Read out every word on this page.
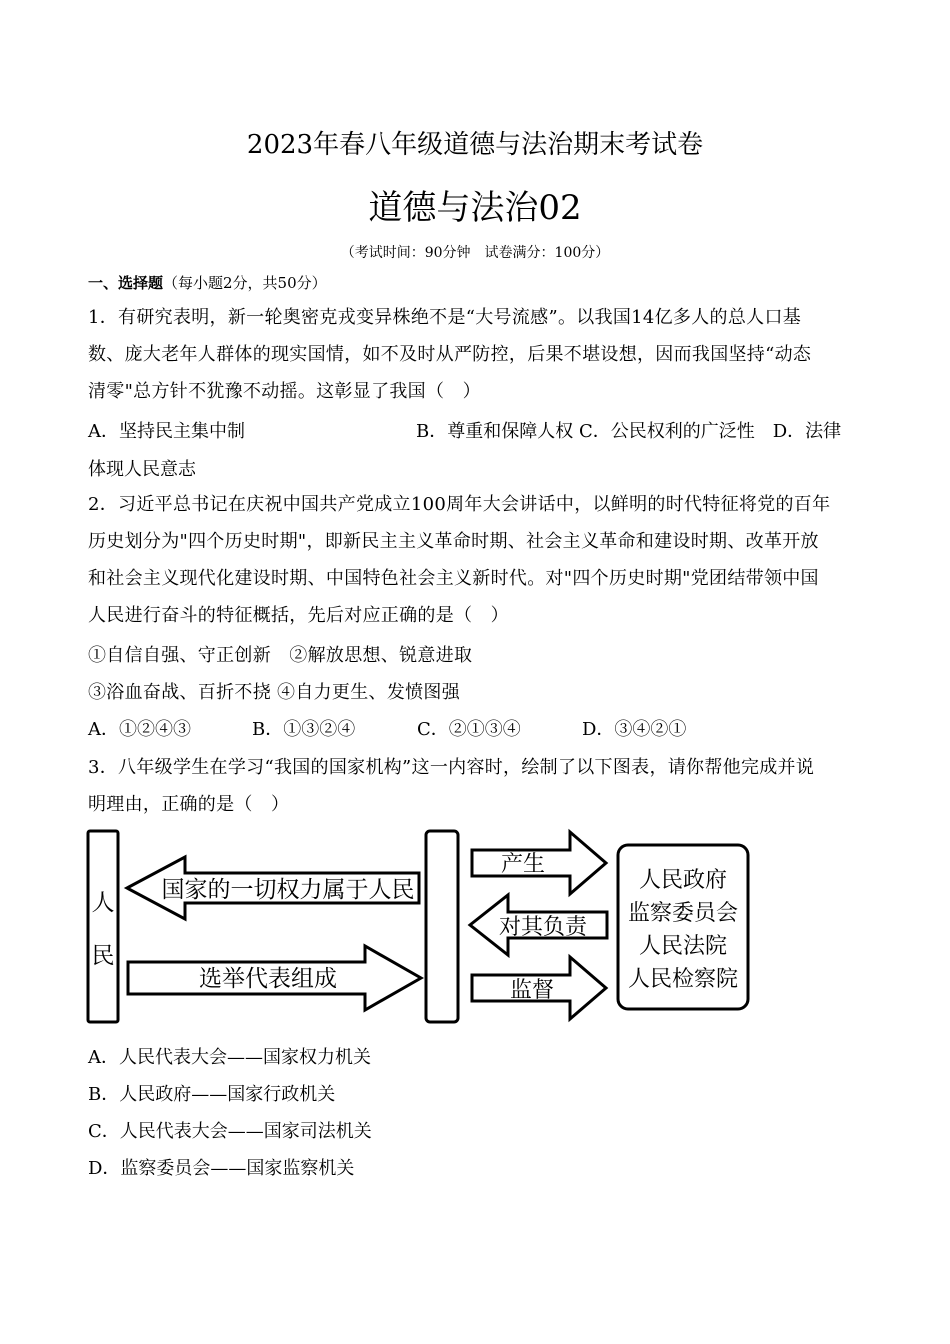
2023年春八年级道德与法治期末考试卷
道德与法治02
（考试时间：90分钟　试卷满分：100分）
一、选择题（每小题2分，共50分）
1．有研究表明，新一轮奥密克戎变异株绝不是“大号流感”。以我国14亿多人的总人口基
数、庞大老年人群体的现实国情，如不及时从严防控，后果不堪设想，因而我国坚持“动态
清零"总方针不犹豫不动摇。这彰显了我国（　）
A．坚持民主集中制	B．尊重和保障人权 C．公民权利的广泛性　D．法律
体现人民意志
2．习近平总书记在庆祝中国共产党成立100周年大会讲话中，以鲜明的时代特征将党的百年
历史划分为"四个历史时期"，即新民主主义革命时期、社会主义革命和建设时期、改革开放
和社会主义现代化建设时期、中国特色社会主义新时代。对"四个历史时期"党团结带领中国
人民进行奋斗的特征概括，先后对应正确的是（　）
①自信自强、守正创新　②解放思想、锐意进取
③浴血奋战、百折不挠 ④自力更生、发愤图强
A．①②④③	B．①③②④	C．②①③④	D．③④②①
3．八年级学生在学习“我国的国家机构”这一内容时，绘制了以下图表，请你帮他完成并说
明理由，正确的是（　）
人
民
国家的一切权力属于人民
选举代表组成
产生
对其负责
监督
人民政府
监察委员会
人民法院
人民检察院
A．人民代表大会——国家权力机关
B．人民政府——国家行政机关
C．人民代表大会——国家司法机关
D．监察委员会——国家监察机关
